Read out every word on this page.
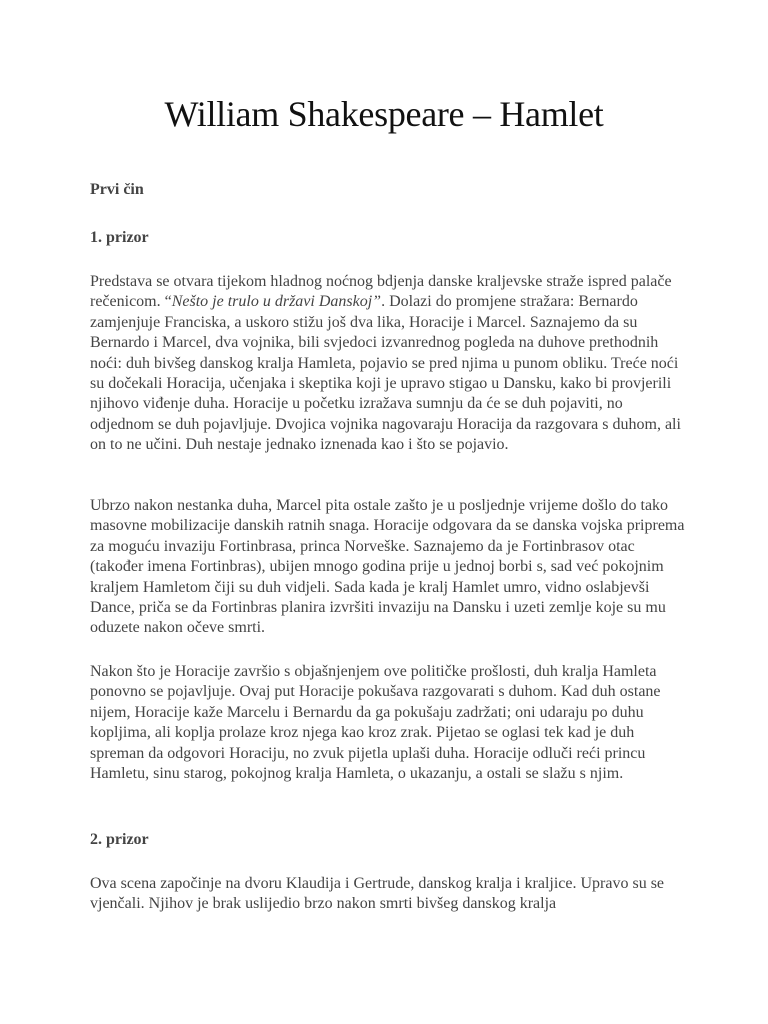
William Shakespeare – Hamlet
Prvi čin
1. prizor

Predstava se otvara tijekom hladnog noćnog bdjenja danske kraljevske straže ispred palače rečenicom. “Nešto je trulo u državi Danskoj”. Dolazi do promjene stražara: Bernardo zamjenjuje Franciska, a uskoro stižu još dva lika, Horacije i Marcel. Saznajemo da su Bernardo i Marcel, dva vojnika, bili svjedoci izvanrednog pogleda na duhove prethodnih noći: duh bivšeg danskog kralja Hamleta, pojavio se pred njima u punom obliku. Treće noći su dočekali Horacija, učenjaka i skeptika koji je upravo stigao u Dansku, kako bi provjerili njihovo viđenje duha. Horacije u početku izražava sumnju da će se duh pojaviti, no odjednom se duh pojavljuje. Dvojica vojnika nagovaraju Horacija da razgovara s duhom, ali on to ne učini. Duh nestaje jednako iznenada kao i što se pojavio.

Ubrzo nakon nestanka duha, Marcel pita ostale zašto je u posljednje vrijeme došlo do tako masovne mobilizacije danskih ratnih snaga. Horacije odgovara da se danska vojska priprema za moguću invaziju Fortinbrasa, princa Norveške. Saznajemo da je Fortinbrasov otac (također imena Fortinbras), ubijen mnogo godina prije u jednoj borbi s, sad već pokojnim kraljem Hamletom čiji su duh vidjeli. Sada kada je kralj Hamlet umro, vidno oslabjevši Dance, priča se da Fortinbras planira izvršiti invaziju na Dansku i uzeti zemlje koje su mu oduzete nakon očeve smrti.

Nakon što je Horacije završio s objašnjenjem ove političke prošlosti, duh kralja Hamleta ponovno se pojavljuje. Ovaj put Horacije pokušava razgovarati s duhom. Kad duh ostane nijem, Horacije kaže Marcelu i Bernardu da ga pokušaju zadržati; oni udaraju po duhu kopljima, ali koplja prolaze kroz njega kao kroz zrak. Pijetao se oglasi tek kad je duh spreman da odgovori Horaciju, no zvuk pijetla uplaši duha. Horacije odluči reći princu Hamletu, sinu starog, pokojnog kralja Hamleta, o ukazanju, a ostali se slažu s njim.

2. prizor

Ova scena započinje na dvoru Klaudija i Gertrude, danskog kralja i kraljice. Upravo su se vjenčali. Njihov je brak uslijedio brzo nakon smrti bivšeg danskog kralja
